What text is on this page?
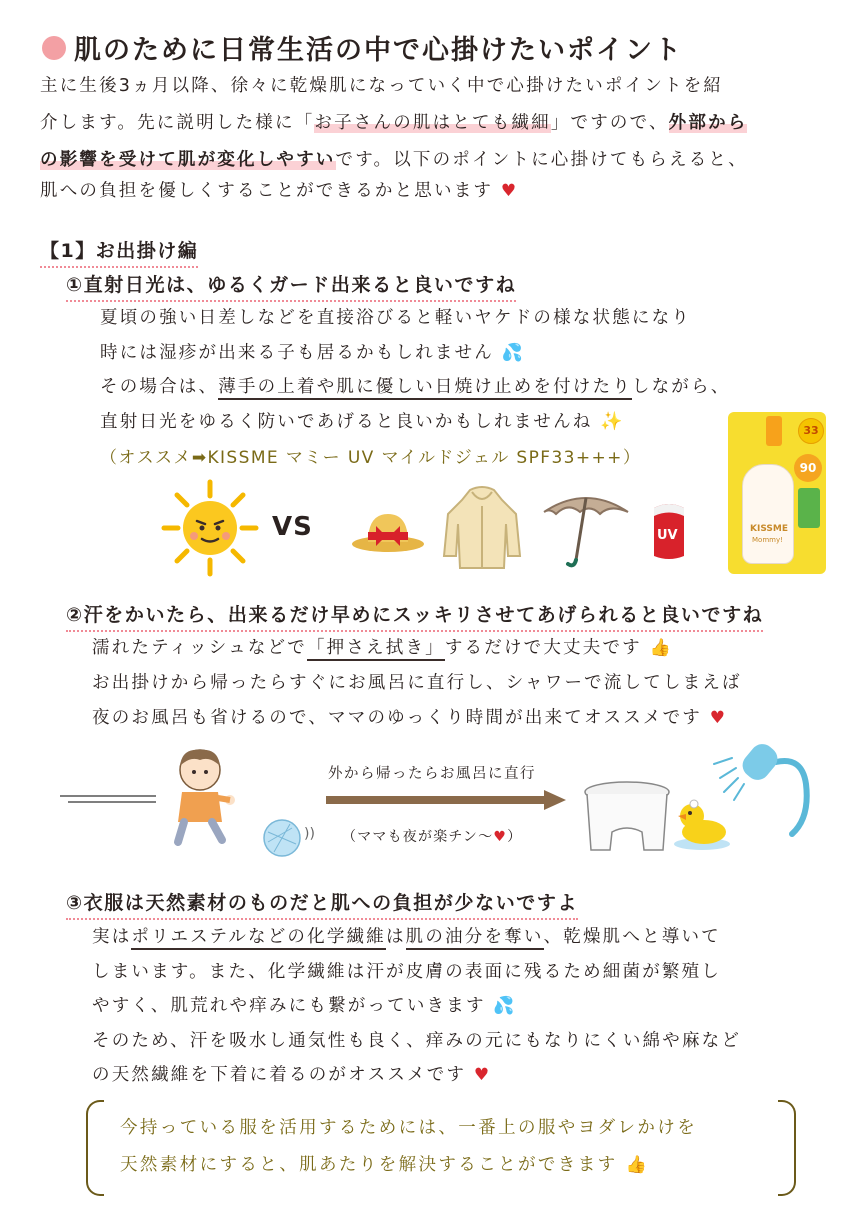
肌のために日常生活の中で心掛けたいポイント
主に生後3ヵ月以降、徐々に乾燥肌になっていく中で心掛けたいポイントを紹
介します。先に説明した様に「お子さんの肌はとても繊細」ですので、外部から
の影響を受けて肌が変化しやすいです。以下のポイントに心掛けてもらえると、
肌への負担を優しくすることができるかと思います ♥
【1】お出掛け編
①直射日光は、ゆるくガード出来ると良いですね
夏頃の強い日差しなどを直接浴びると軽いヤケドの様な状態になり
時には湿疹が出来る子も居るかもしれません 💦
その場合は、薄手の上着や肌に優しい日焼け止めを付けたりしながら、
直射日光をゆるく防いであげると良いかもしれませんね ✨
（オススメ➡KISSME マミー UV マイルドジェル SPF33+++）
VS	UV	KISSME
Mommy!
33
90
②汗をかいたら、出来るだけ早めにスッキリさせてあげられると良いですね
濡れたティッシュなどで「押さえ拭き」するだけで大丈夫です 👍
お出掛けから帰ったらすぐにお風呂に直行し、シャワーで流してしまえば
夜のお風呂も省けるので、ママのゆっくり時間が出来てオススメです ♥
))
外から帰ったらお風呂に直行
（ママも夜が楽チン〜♥）
③衣服は天然素材のものだと肌への負担が少ないですよ
実はポリエステルなどの化学繊維は肌の油分を奪い、乾燥肌へと導いて
しまいます。また、化学繊維は汗が皮膚の表面に残るため細菌が繁殖し
やすく、肌荒れや痒みにも繋がっていきます 💦
そのため、汗を吸水し通気性も良く、痒みの元にもなりにくい綿や麻など
の天然繊維を下着に着るのがオススメです ♥
今持っている服を活用するためには、一番上の服やヨダレかけを
天然素材にすると、肌あたりを解決することができます 👍
